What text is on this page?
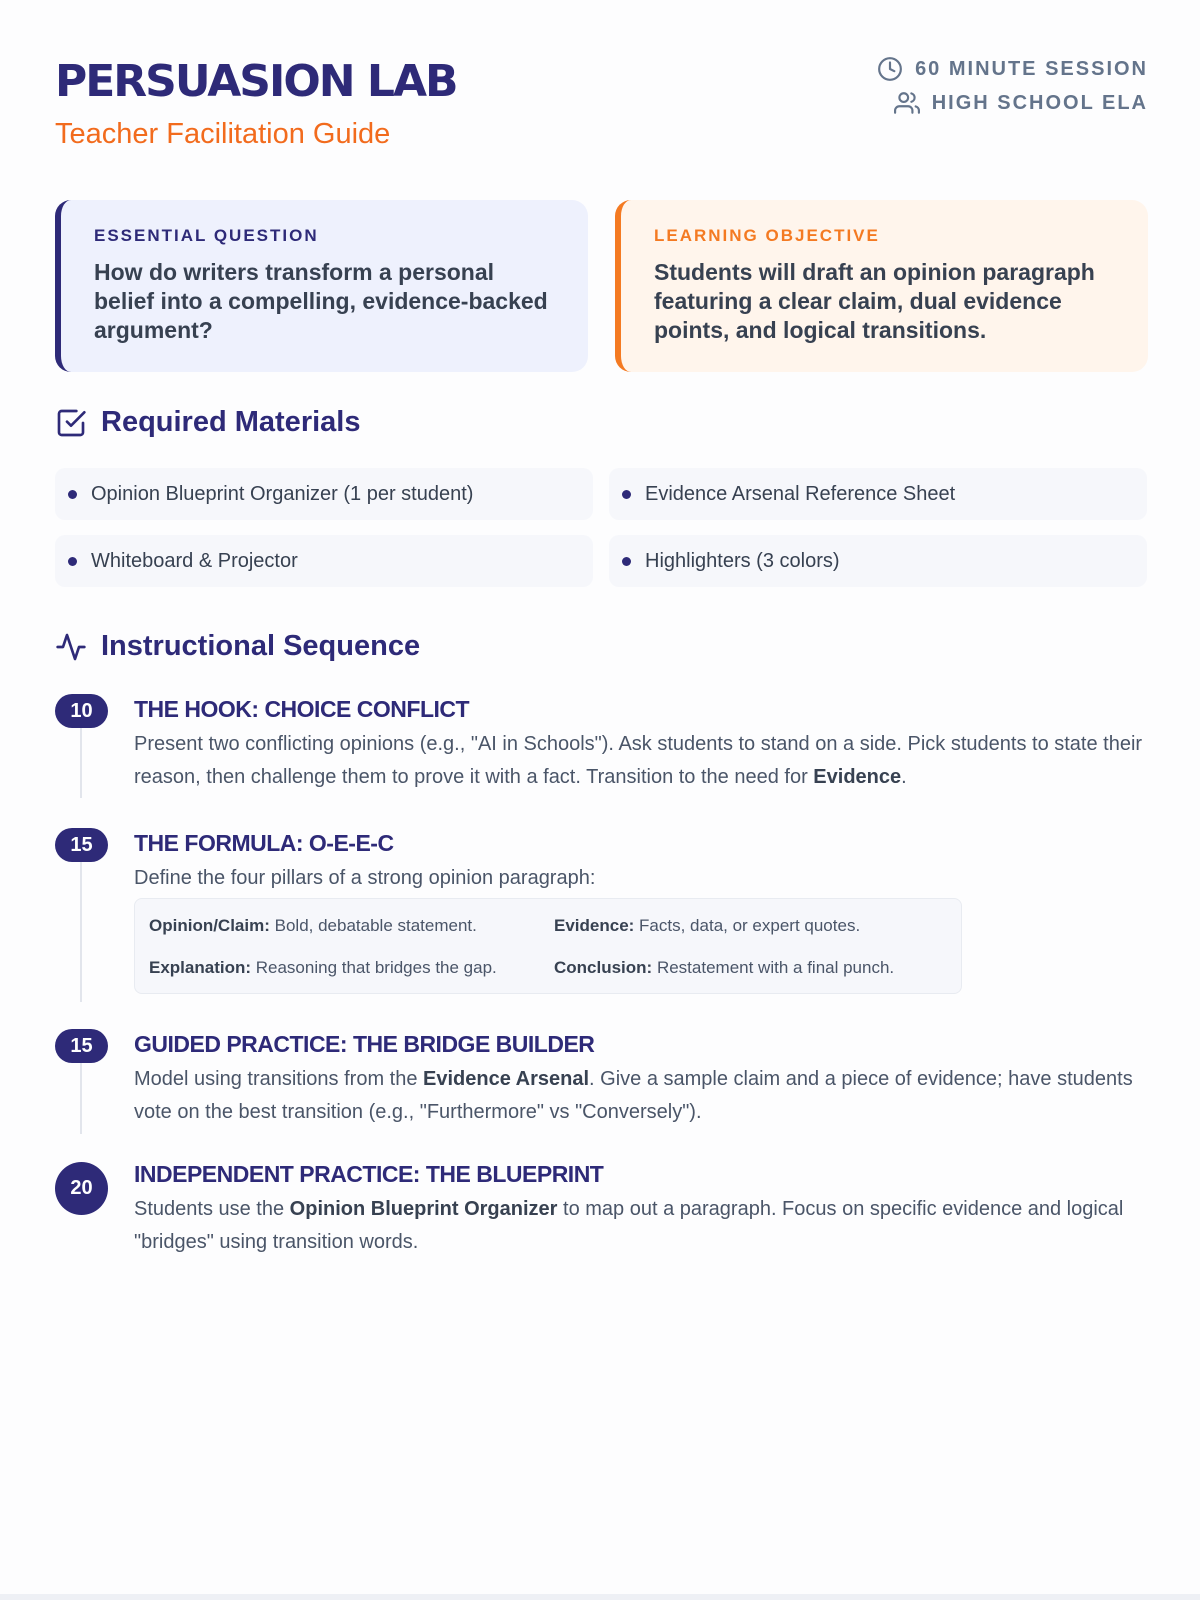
PERSUASION LAB

Teacher Facilitation Guide

60 MINUTE SESSION
HIGH SCHOOL ELA
ESSENTIAL QUESTION
How do writers transform a personal belief into a compelling, evidence-backed argument?
LEARNING OBJECTIVE
Students will draft an opinion paragraph featuring a clear claim, dual evidence points, and logical transitions.
Required Materials
Opinion Blueprint Organizer (1 per student)	Evidence Arsenal Reference Sheet
Whiteboard & Projector	Highlighters (3 colors)
Instructional Sequence
10	THE HOOK: CHOICE CONFLICT

Present two conflicting opinions (e.g., "AI in Schools"). Ask students to stand on a side. Pick students to state their reason, then challenge them to prove it with a fact. Transition to the need for Evidence.

15	THE FORMULA: O-E-E-C

Define the four pillars of a strong opinion paragraph:

Opinion/Claim: Bold, debatable statement.	Evidence: Facts, data, or expert quotes.
Explanation: Reasoning that bridges the gap.	Conclusion: Restatement with a final punch.
15	GUIDED PRACTICE: THE BRIDGE BUILDER

Model using transitions from the Evidence Arsenal. Give a sample claim and a piece of evidence; have students vote on the best transition (e.g., "Furthermore" vs "Conversely").

20
INDEPENDENT PRACTICE: THE BLUEPRINT

Students use the Opinion Blueprint Organizer to map out a paragraph. Focus on specific evidence and logical "bridges" using transition words.
